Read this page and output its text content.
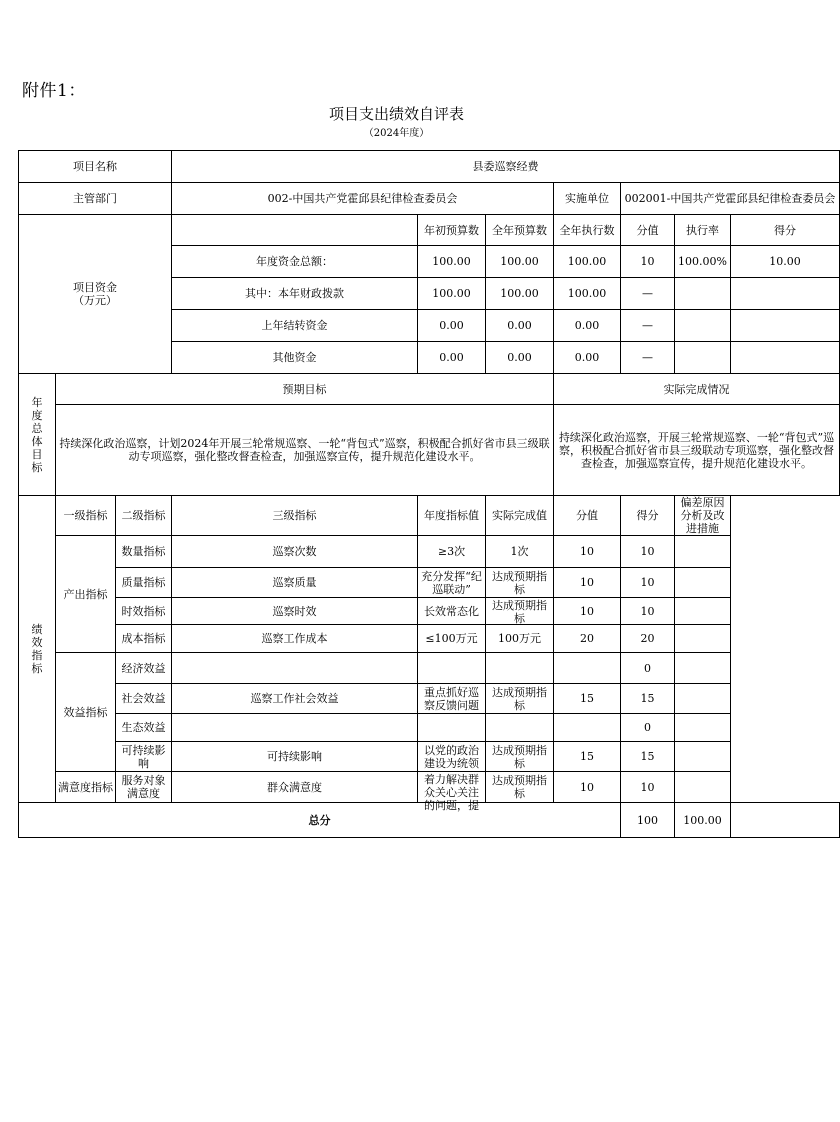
附件1：
项目支出绩效自评表
（2024年度）
项目名称			县委巡察经费						
主管部门			002-中国共产党霍邱县纪律检查委员会			实施单位	002001-中国共产党霍邱县纪律检查委员会		
项目资金
（万元）				年初预算数	全年预算数	全年执行数	分值	执行率	得分
			年度资金总额：	100.00	100.00	100.00	10	100.00%	10.00
			其中：本年财政拨款	100.00	100.00	100.00	—		
			上年结转资金	0.00	0.00	0.00	—		
			其他资金	0.00	0.00	0.00	—		
年度总体目标	预期目标					实际完成情况			
	持续深化政治巡察，计划2024年开展三轮常规巡察、一轮“背包式”巡察，积极配合抓好省市县三级联动专项巡察，强化整改督查检查，加强巡察宣传，提升规范化建设水平。					持续深化政治巡察，开展三轮常规巡察、一轮“背包式”巡察，积极配合抓好省市县三级联动专项巡察，强化整改督查检查，加强巡察宣传，提升规范化建设水平。			
绩效指标	一级指标	二级指标	三级指标	年度指标值	实际完成值	分值	得分	偏差原因分析及改进措施	
	产出指标	数量指标	巡察次数	≥3次	1次	10	10		
		质量指标	巡察质量	充分发挥“纪巡联动”	达成预期指标	10	10		
		时效指标	巡察时效	长效常态化	达成预期指标	10	10		
		成本指标	巡察工作成本	≤100万元	100万元	20	20		
	效益指标	经济效益					0		
		社会效益	巡察工作社会效益	重点抓好巡察反馈问题	达成预期指标	15	15		
		生态效益					0		
		可持续影响	可持续影响	以党的政治建设为统领	达成预期指标	15	15		
	满意度指标	服务对象满意度	群众满意度	着力解决群众关心关注的问题，提	达成预期指标	10	10		
总分							100	100.00	
